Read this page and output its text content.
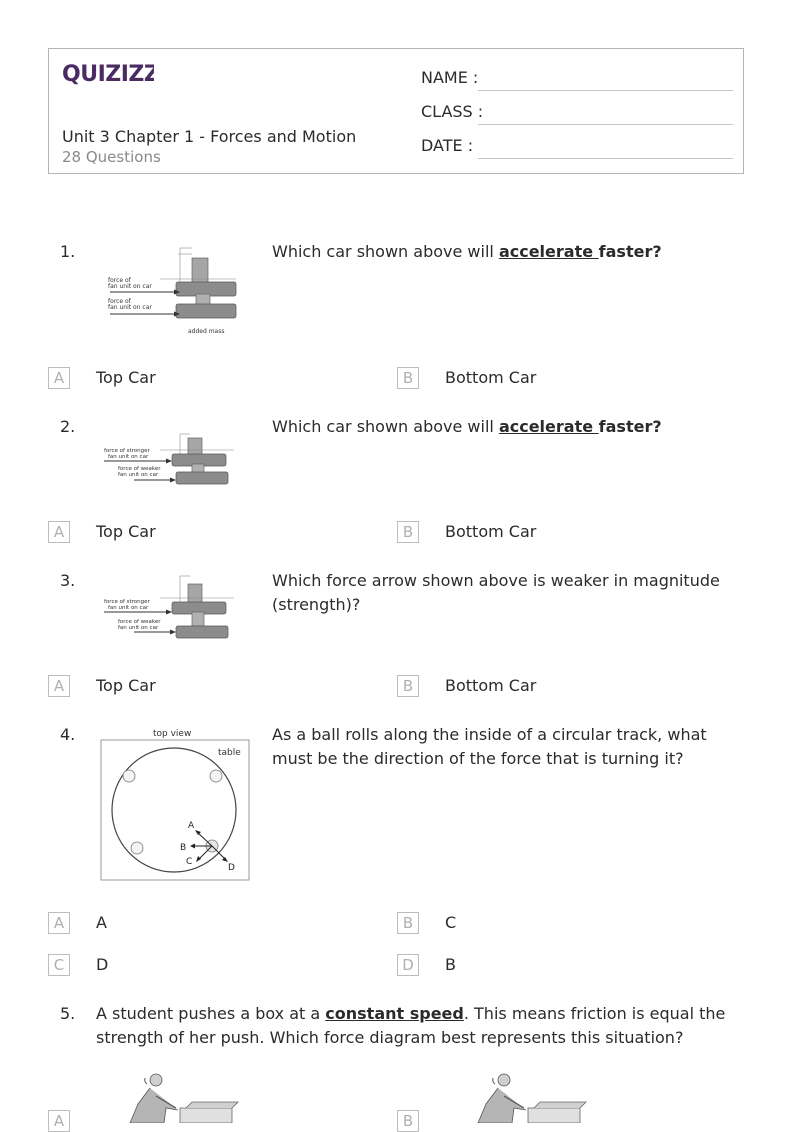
QUIZIZZ
Unit 3 Chapter 1 - Forces and Motion
28 Questions
NAME :
CLASS :
DATE :
1.
force of
fan unit on car
force of
fan unit on car
added mass
Which car shown above will accelerate faster?
A	Top Car	B	Bottom Car
2.
force of stronger
fan unit on car
force of weaker
fan unit on car
Which car shown above will accelerate faster?
A	Top Car	B	Bottom Car
3.
force of stronger
fan unit on car
force of weaker
fan unit on car
Which force arrow shown above is weaker in magnitude (strength)?
A	Top Car	B	Bottom Car
4.	top view
table
A
B
C
D
As a ball rolls along the inside of a circular track, what must be the direction of the force that is turning it?
A	A	B	C
C	D	D	B
5. A student pushes a box at a constant speed. This means friction is equal the strength of her push. Which force diagram best represents this situation?
A	B
